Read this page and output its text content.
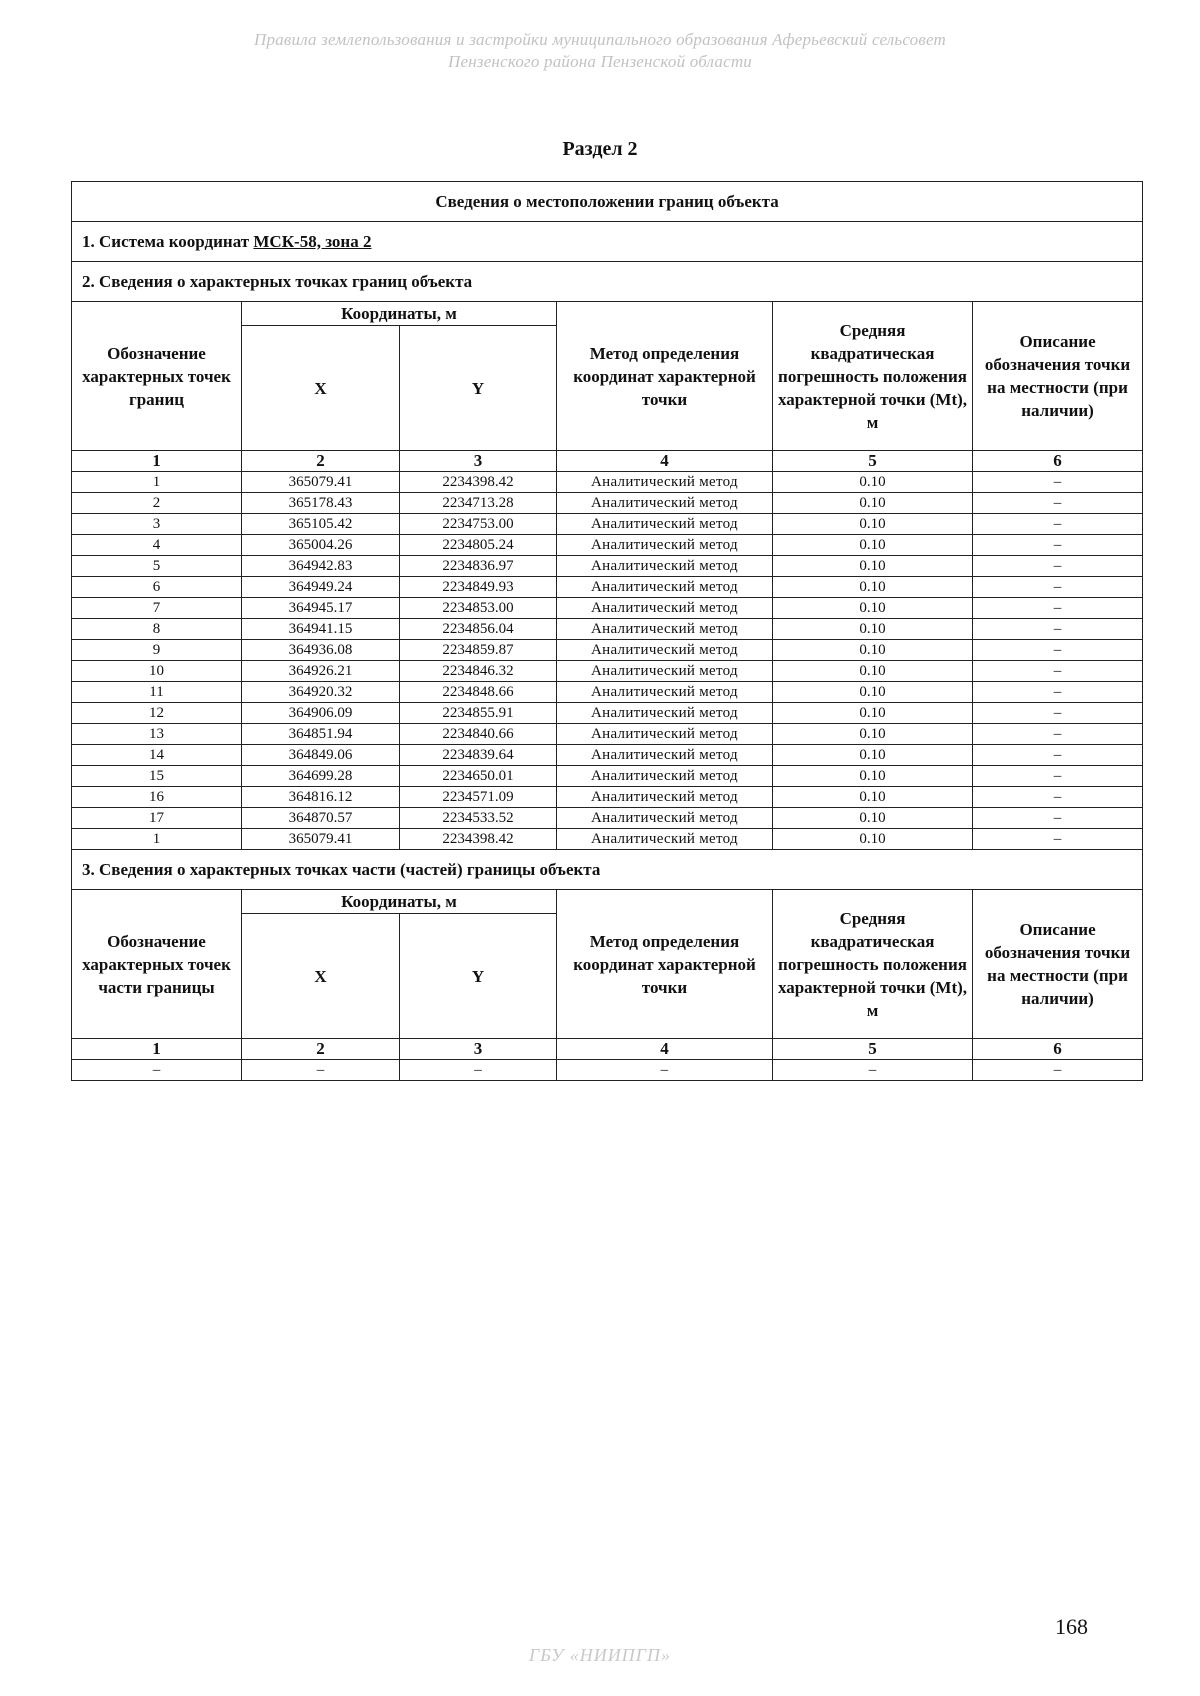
Правила землепользования и застройки муниципального образования Аферьевский сельсовет
Пензенского района Пензенской области
Раздел 2
Сведения о местоположении границ объекта					
1. Система координат МСК-58, зона 2					
2. Сведения о характерных точках границ объекта					
Обозначение характерных точек границ	Координаты, м		Метод определения координат характерной точки	Средняя квадратическая погрешность положения характерной точки (Мt), м	Описание обозначения точки на местности (при наличии)
	X	Y			
1	2	3	4	5	6
1	365079.41	2234398.42	Аналитический метод	0.10	–
2	365178.43	2234713.28	Аналитический метод	0.10	–
3	365105.42	2234753.00	Аналитический метод	0.10	–
4	365004.26	2234805.24	Аналитический метод	0.10	–
5	364942.83	2234836.97	Аналитический метод	0.10	–
6	364949.24	2234849.93	Аналитический метод	0.10	–
7	364945.17	2234853.00	Аналитический метод	0.10	–
8	364941.15	2234856.04	Аналитический метод	0.10	–
9	364936.08	2234859.87	Аналитический метод	0.10	–
10	364926.21	2234846.32	Аналитический метод	0.10	–
11	364920.32	2234848.66	Аналитический метод	0.10	–
12	364906.09	2234855.91	Аналитический метод	0.10	–
13	364851.94	2234840.66	Аналитический метод	0.10	–
14	364849.06	2234839.64	Аналитический метод	0.10	–
15	364699.28	2234650.01	Аналитический метод	0.10	–
16	364816.12	2234571.09	Аналитический метод	0.10	–
17	364870.57	2234533.52	Аналитический метод	0.10	–
1	365079.41	2234398.42	Аналитический метод	0.10	–
3. Сведения о характерных точках части (частей) границы объекта					
Обозначение характерных точек части границы	Координаты, м		Метод определения координат характерной точки	Средняя квадратическая погрешность положения характерной точки (Мt), м	Описание обозначения точки на местности (при наличии)
	X	Y			
1	2	3	4	5	6
–	–	–	–	–	–
168
ГБУ «НИИПГП»
